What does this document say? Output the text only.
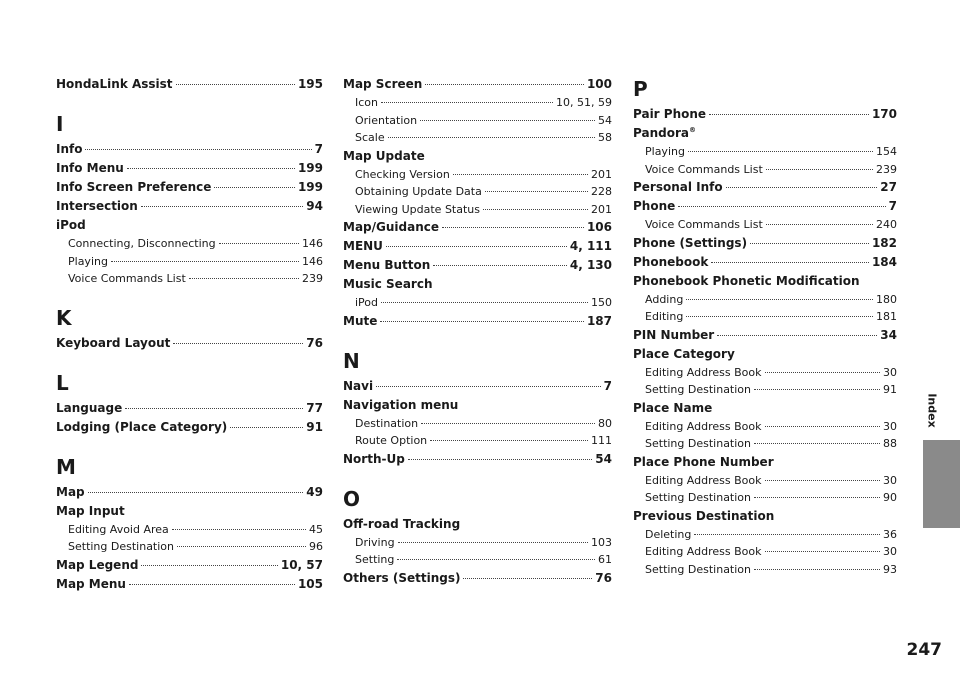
HondaLink Assist	195
I
Info	7
Info Menu	199
Info Screen Preference	199
Intersection	94
iPod
Connecting, Disconnecting	146
Playing	146
Voice Commands List	239
K
Keyboard Layout	76
L
Language	77
Lodging (Place Category)	91
M
Map	49
Map Input
Editing Avoid Area	45
Setting Destination	96
Map Legend	10, 57
Map Menu	105
Map Screen	100
Icon	10, 51, 59
Orientation	54
Scale	58
Map Update
Checking Version	201
Obtaining Update Data	228
Viewing Update Status	201
Map/Guidance	106
MENU	4, 111
Menu Button	4, 130
Music Search
iPod	150
Mute	187
N
Navi	7
Navigation menu
Destination	80
Route Option	111
North-Up	54
O
Off-road Tracking
Driving	103
Setting	61
Others (Settings)	76
P
Pair Phone	170
Pandora®
Playing	154
Voice Commands List	239
Personal Info	27
Phone	7
Voice Commands List	240
Phone (Settings)	182
Phonebook	184
Phonebook Phonetic Modification
Adding	180
Editing	181
PIN Number	34
Place Category
Editing Address Book	30
Setting Destination	91
Place Name
Editing Address Book	30
Setting Destination	88
Place Phone Number
Editing Address Book	30
Setting Destination	90
Previous Destination
Deleting	36
Editing Address Book	30
Setting Destination	93
Index
247
